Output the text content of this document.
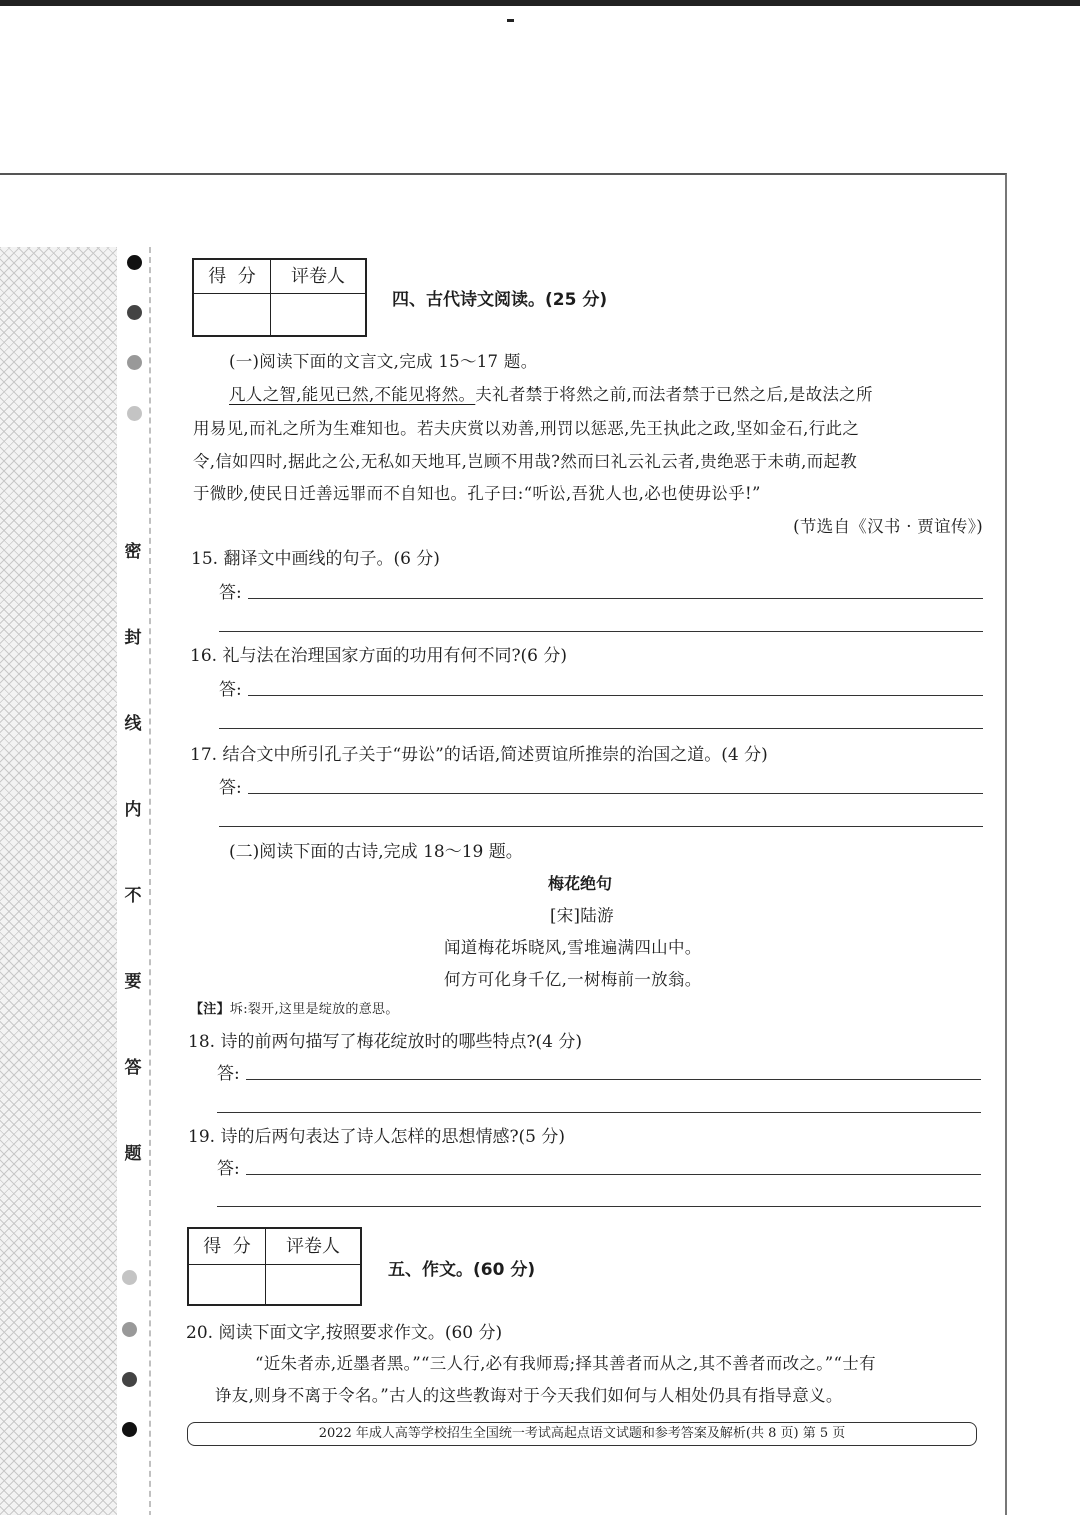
密
封
线
内
不
要
答
题
得  分	评卷人
四、古代诗文阅读。(25 分)
(一)阅读下面的文言文,完成 15～17 题。
凡人之智,能见已然,不能见将然。夫礼者禁于将然之前,而法者禁于已然之后,是故法之所
用易见,而礼之所为生难知也。若夫庆赏以劝善,刑罚以惩恶,先王执此之政,坚如金石,行此之
令,信如四时,据此之公,无私如天地耳,岂顾不用哉?然而曰礼云礼云者,贵绝恶于未萌,而起教
于微眇,使民日迁善远罪而不自知也。孔子曰:“听讼,吾犹人也,必也使毋讼乎!”
(节选自《汉书 · 贾谊传》)
15. 翻译文中画线的句子。(6 分)
答:
16. 礼与法在治理国家方面的功用有何不同?(6 分)
答:
17. 结合文中所引孔子关于“毋讼”的话语,简述贾谊所推崇的治国之道。(4 分)
答:
(二)阅读下面的古诗,完成 18～19 题。
梅花绝句
[宋]陆游
闻道梅花坼晓风,雪堆遍满四山中。
何方可化身千亿,一树梅前一放翁。
【注】坼:裂开,这里是绽放的意思。
18. 诗的前两句描写了梅花绽放时的哪些特点?(4 分)
答:
19. 诗的后两句表达了诗人怎样的思想情感?(5 分)
答:
得  分	评卷人
五、作文。(60 分)
20. 阅读下面文字,按照要求作文。(60 分)
“近朱者赤,近墨者黑。”“三人行,必有我师焉;择其善者而从之,其不善者而改之。”“士有
诤友,则身不离于令名。”古人的这些教诲对于今天我们如何与人相处仍具有指导意义。
2022 年成人高等学校招生全国统一考试高起点语文试题和参考答案及解析(共 8 页) 第 5 页
